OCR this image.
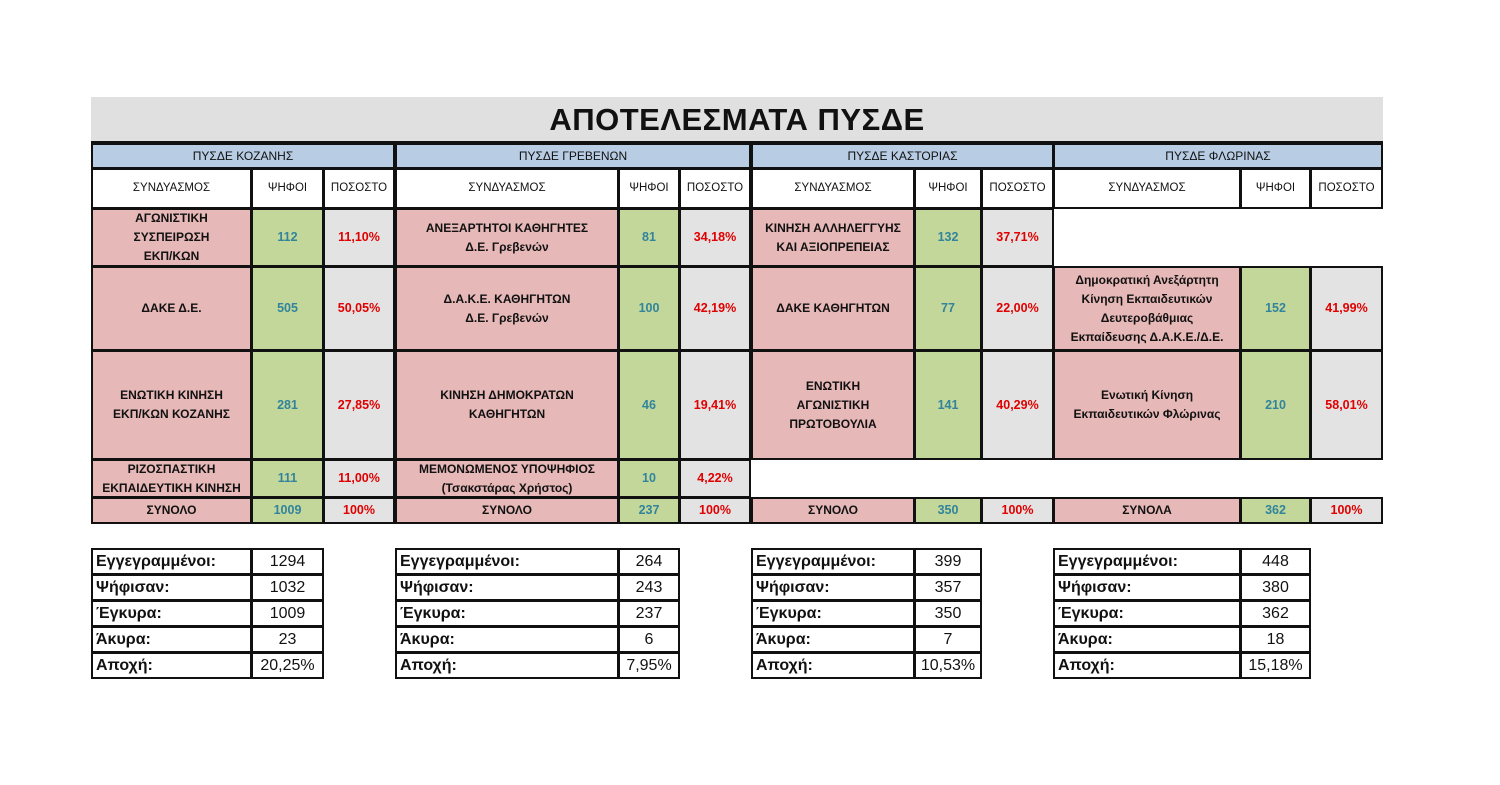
ΑΠΟΤΕΛΕΣΜΑΤΑ ΠΥΣΔΕ
ΠΥΣΔΕ ΚΟΖΑΝΗΣ
ΣΥΝΔΥΑΣΜΟΣ	ΨΗΦΟΙ	ΠΟΣΟΣΤΟ
ΑΓΩΝΙΣΤΙΚΗ ΣΥΣΠΕΙΡΩΣΗ
ΕΚΠ/ΚΩΝ
112	11,10%
ΔΑΚΕ Δ.Ε.	505	50,05%
ΕΝΩΤΙΚΗ ΚΙΝΗΣΗ
ΕΚΠ/ΚΩΝ ΚΟΖΑΝΗΣ
281	27,85%
ΡΙΖΟΣΠΑΣΤΙΚΗ
ΕΚΠΑΙΔΕΥΤΙΚΗ ΚΙΝΗΣΗ
111	11,00%
ΣΥΝΟΛΟ	1009	100%
ΠΥΣΔΕ ΓΡΕΒΕΝΩΝ
ΣΥΝΔΥΑΣΜΟΣ	ΨΗΦΟΙ	ΠΟΣΟΣΤΟ
ΑΝΕΞΑΡΤΗΤΟΙ ΚΑΘΗΓΗΤΕΣ
Δ.Ε. Γρεβενών
81	34,18%
Δ.Α.Κ.Ε. ΚΑΘΗΓΗΤΩΝ
Δ.Ε. Γρεβενών
100	42,19%
ΚΙΝΗΣΗ ΔΗΜΟΚΡΑΤΩΝ
ΚΑΘΗΓΗΤΩΝ
46	19,41%
ΜΕΜΟΝΩΜΕΝΟΣ ΥΠΟΨΗΦΙΟΣ
(Τσακστάρας Χρήστος)
10	4,22%
ΣΥΝΟΛΟ	237	100%
ΠΥΣΔΕ ΚΑΣΤΟΡΙΑΣ
ΣΥΝΔΥΑΣΜΟΣ	ΨΗΦΟΙ	ΠΟΣΟΣΤΟ
ΚΙΝΗΣΗ ΑΛΛΗΛΕΓΓΥΗΣ
ΚΑΙ ΑΞΙΟΠΡΕΠΕΙΑΣ
132	37,71%
ΔΑΚΕ ΚΑΘΗΓΗΤΩΝ	77	22,00%
ΕΝΩΤΙΚΗ
ΑΓΩΝΙΣΤΙΚΗ
ΠΡΩΤΟΒΟΥΛΙΑ
141	40,29%
ΣΥΝΟΛΟ	350	100%
ΠΥΣΔΕ ΦΛΩΡΙΝΑΣ
ΣΥΝΔΥΑΣΜΟΣ	ΨΗΦΟΙ	ΠΟΣΟΣΤΟ
Δημοκρατική Ανεξάρτητη
Κίνηση Εκπαιδευτικών
Δευτεροβάθμιας
Εκπαίδευσης Δ.Α.Κ.Ε./Δ.Ε.
152	41,99%
Ενωτική Κίνηση
Εκπαιδευτικών Φλώρινας
210	58,01%
ΣΥΝΟΛΑ	362	100%
Εγγεγραμμένοι:	1294
Ψήφισαν:	1032
Έγκυρα:	1009
Άκυρα:	23
Αποχή:	20,25%
Εγγεγραμμένοι:	264
Ψήφισαν:	243
Έγκυρα:	237
Άκυρα:	6
Αποχή:	7,95%
Εγγεγραμμένοι:	399
Ψήφισαν:	357
Έγκυρα:	350
Άκυρα:	7
Αποχή:	10,53%
Εγγεγραμμένοι:	448
Ψήφισαν:	380
Έγκυρα:	362
Άκυρα:	18
Αποχή:	15,18%
